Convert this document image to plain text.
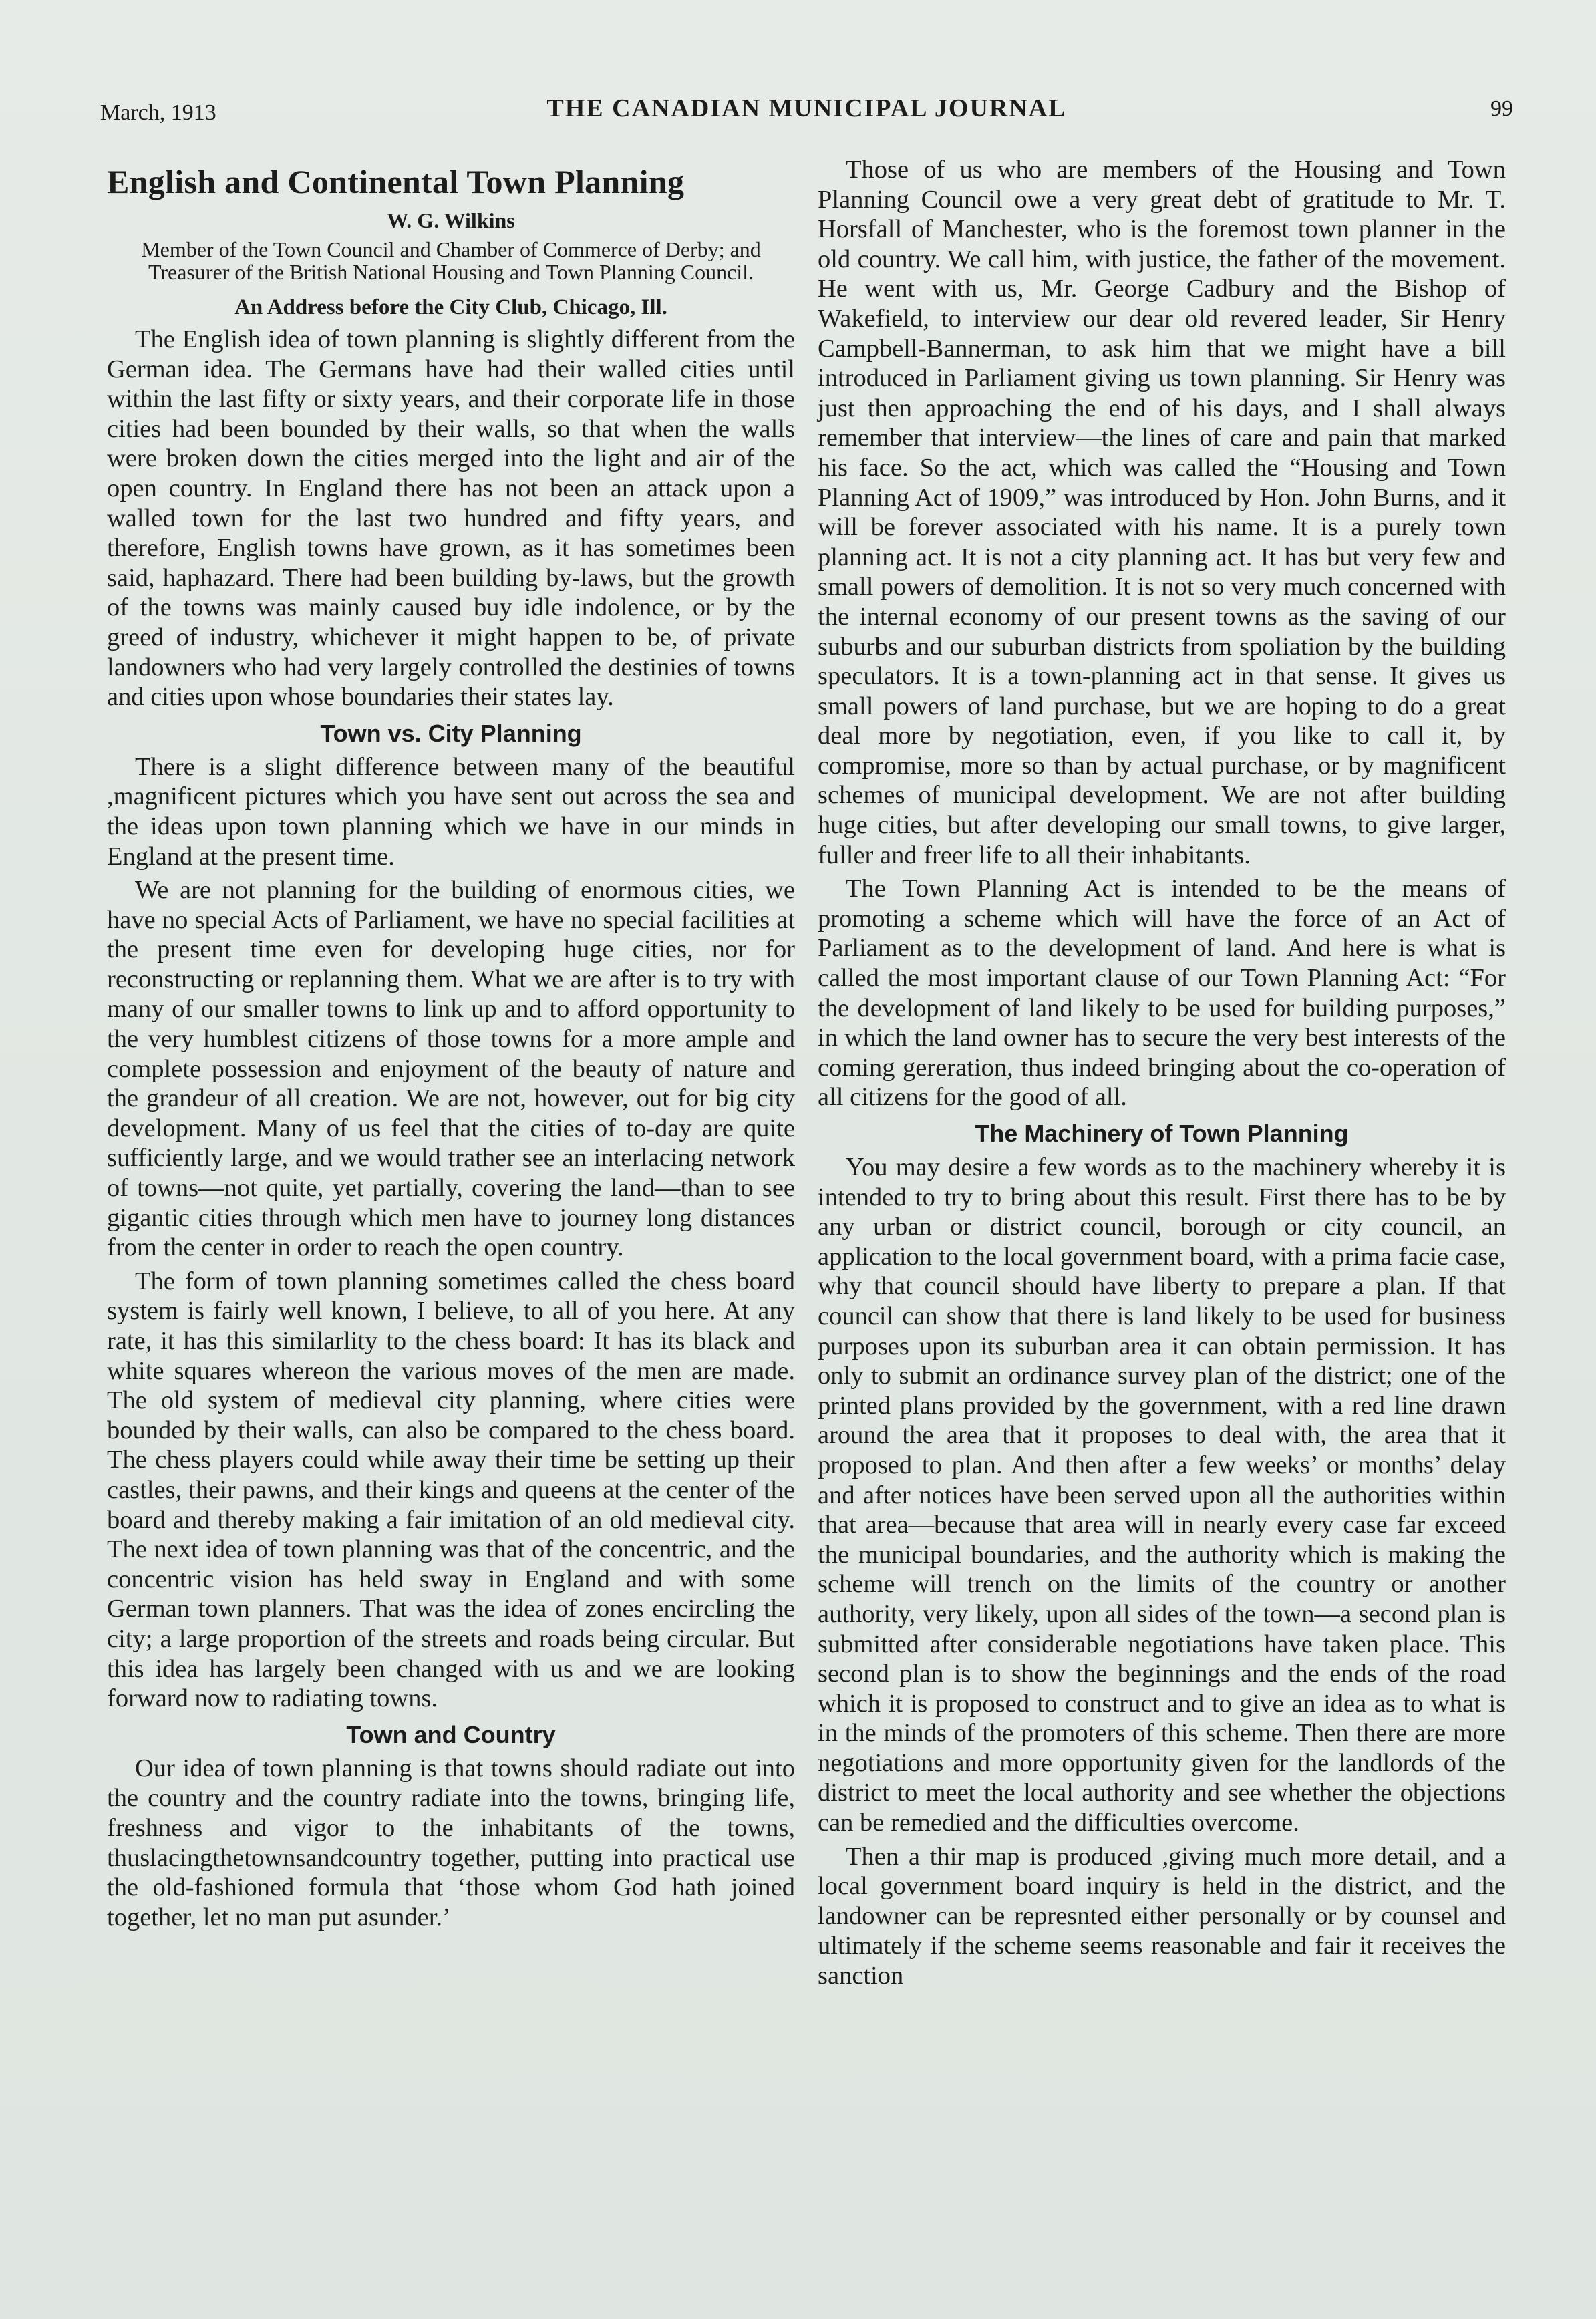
March, 1913	THE CANADIAN MUNICIPAL JOURNAL	99
English and Continental Town Planning
W. G. Wilkins
Member of the Town Council and Chamber of Commerce of Derby; and Treasurer of the British National Housing and Town Planning Council.
An Address before the City Club, Chicago, Ill.

The English idea of town planning is slightly different from the German idea. The Germans have had their walled cities until within the last fifty or sixty years, and their corporate life in those cities had been bounded by their walls, so that when the walls were broken down the cities merged into the light and air of the open country. In England there has not been an attack upon a walled town for the last two hundred and fifty years, and therefore, English towns have grown, as it has sometimes been said, haphazard. There had been building by-laws, but the growth of the towns was mainly caused buy idle indolence, or by the greed of industry, whichever it might happen to be, of private landowners who had very largely controlled the destinies of towns and cities upon whose boundaries their states lay.

Town vs. City Planning

There is a slight difference between many of the beautiful ,magnificent pictures which you have sent out across the sea and the ideas upon town planning which we have in our minds in England at the present time.

We are not planning for the building of enormous cities, we have no special Acts of Parliament, we have no special facilities at the present time even for developing huge cities, nor for reconstructing or replanning them. What we are after is to try with many of our smaller towns to link up and to afford opportunity to the very humblest citizens of those towns for a more ample and complete possession and enjoyment of the beauty of nature and the grandeur of all creation. We are not, however, out for big city development. Many of us feel that the cities of to-day are quite sufficiently large, and we would trather see an interlacing network of towns—not quite, yet partially, covering the land—than to see gigantic cities through which men have to journey long distances from the center in order to reach the open country.

The form of town planning sometimes called the chess board system is fairly well known, I believe, to all of you here. At any rate, it has this similarlity to the chess board: It has its black and white squares whereon the various moves of the men are made. The old system of medieval city planning, where cities were bounded by their walls, can also be compared to the chess board. The chess players could while away their time be setting up their castles, their pawns, and their kings and queens at the center of the board and thereby making a fair imitation of an old medieval city. The next idea of town planning was that of the concentric, and the concentric vision has held sway in England and with some German town planners. That was the idea of zones encircling the city; a large proportion of the streets and roads being circular. But this idea has largely been changed with us and we are looking forward now to radiating towns.

Town and Country

Our idea of town planning is that towns should radiate out into the country and the country radiate into the towns, bringing life, freshness and vigor to the inhabitants of the towns, thuslacingthetownsandcountry together, putting into practical use the old-fashioned formula that ‘those whom God hath joined together, let no man put asunder.’

Those of us who are members of the Housing and Town Planning Council owe a very great debt of gratitude to Mr. T. Horsfall of Manchester, who is the foremost town planner in the old country. We call him, with justice, the father of the movement. He went with us, Mr. George Cadbury and the Bishop of Wakefield, to interview our dear old revered leader, Sir Henry Campbell-Bannerman, to ask him that we might have a bill introduced in Parliament giving us town planning. Sir Henry was just then approaching the end of his days, and I shall always remember that interview—the lines of care and pain that marked his face. So the act, which was called the “Housing and Town Planning Act of 1909,” was introduced by Hon. John Burns, and it will be forever associated with his name. It is a purely town planning act. It is not a city planning act. It has but very few and small powers of demolition. It is not so very much concerned with the internal economy of our present towns as the saving of our suburbs and our suburban districts from spoliation by the building speculators. It is a town-planning act in that sense. It gives us small powers of land purchase, but we are hoping to do a great deal more by negotiation, even, if you like to call it, by compromise, more so than by actual purchase, or by magnificent schemes of municipal development. We are not after building huge cities, but after developing our small towns, to give larger, fuller and freer life to all their inhabitants.

The Town Planning Act is intended to be the means of promoting a scheme which will have the force of an Act of Parliament as to the development of land. And here is what is called the most important clause of our Town Planning Act: “For the development of land likely to be used for building purposes,” in which the land owner has to secure the very best interests of the coming gereration, thus indeed bringing about the co-operation of all citizens for the good of all.

The Machinery of Town Planning

You may desire a few words as to the machinery whereby it is intended to try to bring about this result. First there has to be by any urban or district council, borough or city council, an application to the local government board, with a prima facie case, why that council should have liberty to prepare a plan. If that council can show that there is land likely to be used for business purposes upon its suburban area it can obtain permission. It has only to submit an ordinance survey plan of the district; one of the printed plans provided by the government, with a red line drawn around the area that it proposes to deal with, the area that it proposed to plan. And then after a few weeks’ or months’ delay and after notices have been served upon all the authorities within that area—because that area will in nearly every case far exceed the municipal boundaries, and the authority which is making the scheme will trench on the limits of the country or another authority, very likely, upon all sides of the town—a second plan is submitted after considerable negotiations have taken place. This second plan is to show the beginnings and the ends of the road which it is proposed to construct and to give an idea as to what is in the minds of the promoters of this scheme. Then there are more negotiations and more opportunity given for the landlords of the district to meet the local authority and see whether the objections can be remedied and the difficulties overcome.

Then a thir map is produced ,giving much more detail, and a local government board inquiry is held in the district, and the landowner can be represnted either personally or by counsel and ultimately if the scheme seems reasonable and fair it receives the sanction
